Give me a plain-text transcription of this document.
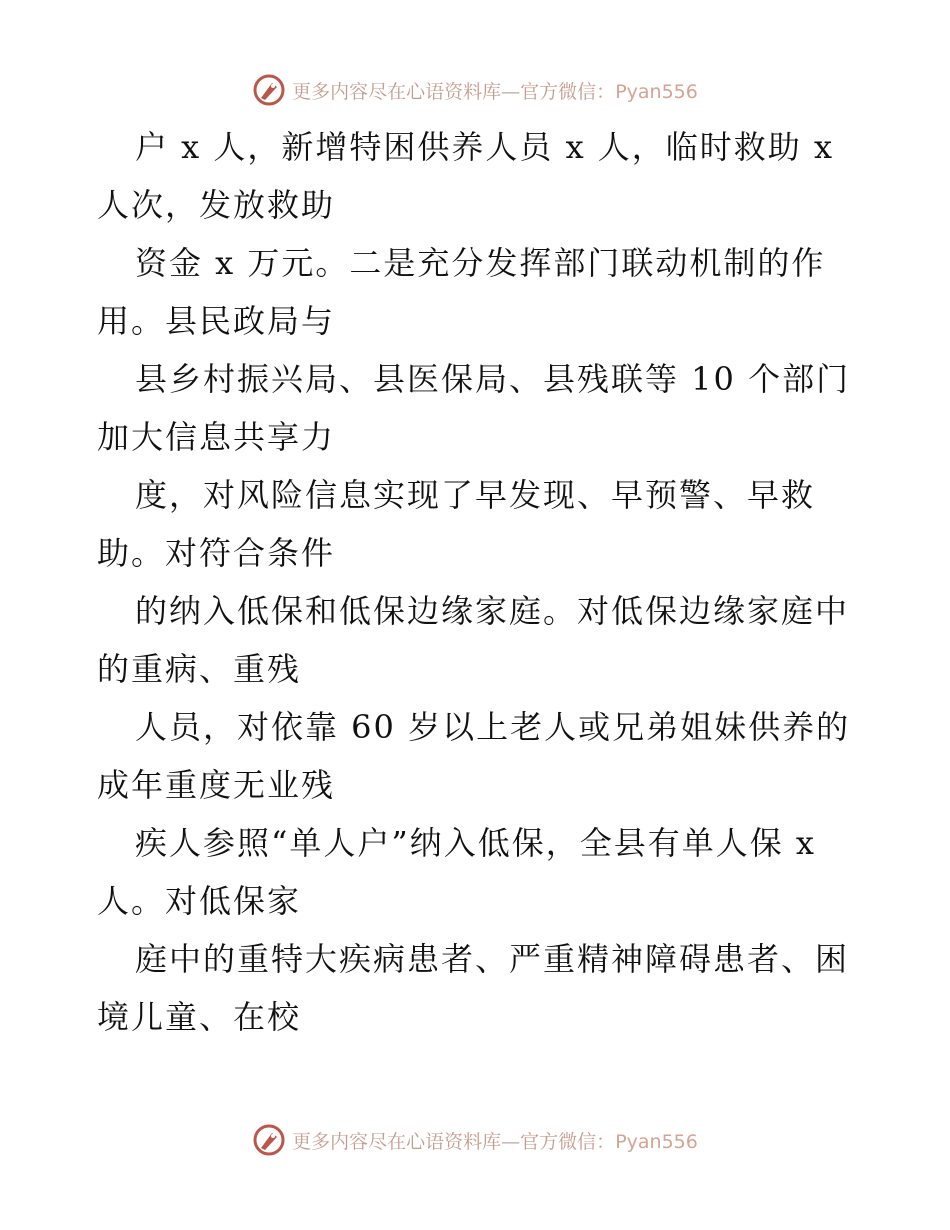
更多内容尽在心语资料库—官方微信：Pyan556
户 x 人，新增特困供养人员 x 人，临时救助 x
人次，发放救助
资金 x 万元。二是充分发挥部门联动机制的作
用。县民政局与
县乡村振兴局、县医保局、县残联等 10 个部门
加大信息共享力
度，对风险信息实现了早发现、早预警、早救
助。对符合条件
的纳入低保和低保边缘家庭。对低保边缘家庭中
的重病、重残
人员，对依靠 60 岁以上老人或兄弟姐妹供养的
成年重度无业残
疾人参照“单人户”纳入低保，全县有单人保 x
人。对低保家
庭中的重特大疾病患者、严重精神障碍患者、困
境儿童、在校
更多内容尽在心语资料库—官方微信：Pyan556
